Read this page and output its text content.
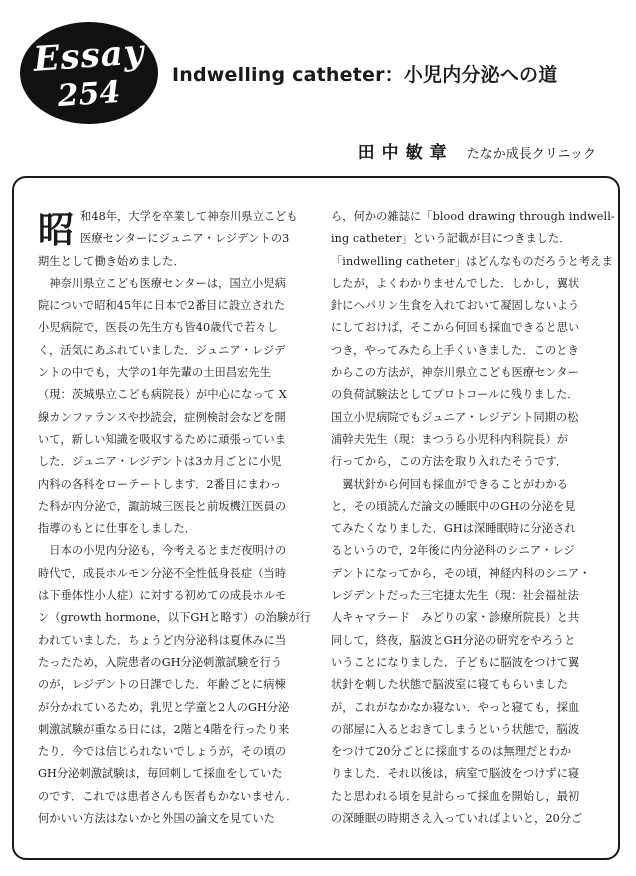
Essay
254	Indwelling catheter：小児内分泌への道
田中敏章 たなか成長クリニック
昭 和48年，大学を卒業して神奈川県立こども
医療センターにジュニア・レジデントの3
期生として働き始めました．
　神奈川県立こども医療センターは，国立小児病
院についで昭和45年に日本で2番目に設立された
小児病院で，医長の先生方も皆40歳代で若々し
く，活気にあふれていました．ジュニア・レジデ
ントの中でも，大学の1年先輩の土田昌宏先生
（現：茨城県立こども病院長）が中心になって X
線カンファランスや抄読会，症例検討会などを開
いて，新しい知識を吸収するために頑張っていま
した．ジュニア・レジデントは3カ月ごとに小児
内科の各科をローテートします．2番目にまわっ
た科が内分泌で，諏訪城三医長と前坂機江医員の
指導のもとに仕事をしました．
　日本の小児内分泌も，今考えるとまだ夜明けの
時代で，成長ホルモン分泌不全性低身長症（当時
は下垂体性小人症）に対する初めての成長ホルモ
ン（growth hormone，以下GHと略す）の治験が行
われていました．ちょうど内分泌科は夏休みに当
たったため，入院患者のGH分泌刺激試験を行う
のが，レジデントの日課でした．年齢ごとに病棟
が分かれているため，乳児と学童と2人のGH分泌
刺激試験が重なる日には，2階と4階を行ったり来
たり．今では信じられないでしょうが，その頃の
GH分泌刺激試験は，毎回刺して採血をしていた
のです．これでは患者さんも医者もかないません．
何かいい方法はないかと外国の論文を見ていた
ら，何かの雑誌に「blood drawing through indwell-
ing catheter」という記載が目につきました．
「indwelling catheter」はどんなものだろうと考えま
したが，よくわかりませんでした．しかし，翼状
針にヘパリン生食を入れておいて凝固しないよう
にしておけば，そこから何回も採血できると思い
つき，やってみたら上手くいきました．このとき
からこの方法が，神奈川県立こども医療センター
の負荷試験法としてプロトコールに残りました．
国立小児病院でもジュニア・レジデント同期の松
浦幹夫先生（現：まつうら小児科内科院長）が
行ってから，この方法を取り入れたそうです．
　翼状針から何回も採血ができることがわかる
と，その頃読んだ論文の睡眠中のGHの分泌を見
てみたくなりました．GHは深睡眠時に分泌され
るというので，2年後に内分泌科のシニア・レジ
デントになってから，その頃，神経内科のシニア・
レジデントだった三宅捷太先生（現：社会福祉法
人キャマラード　みどりの家・診療所院長）と共
同して，終夜，脳波とGH分泌の研究をやろうと
いうことになりました．子どもに脳波をつけて翼
状針を刺した状態で脳波室に寝てもらいました
が，これがなかなか寝ない．やっと寝ても，採血
の部屋に入るとおきてしまうという状態で，脳波
をつけて20分ごとに採血するのは無理だとわか
りました．それ以後は，病室で脳波をつけずに寝
たと思われる頃を見計らって採血を開始し，最初
の深睡眠の時期さえ入っていればよいと，20分ご
